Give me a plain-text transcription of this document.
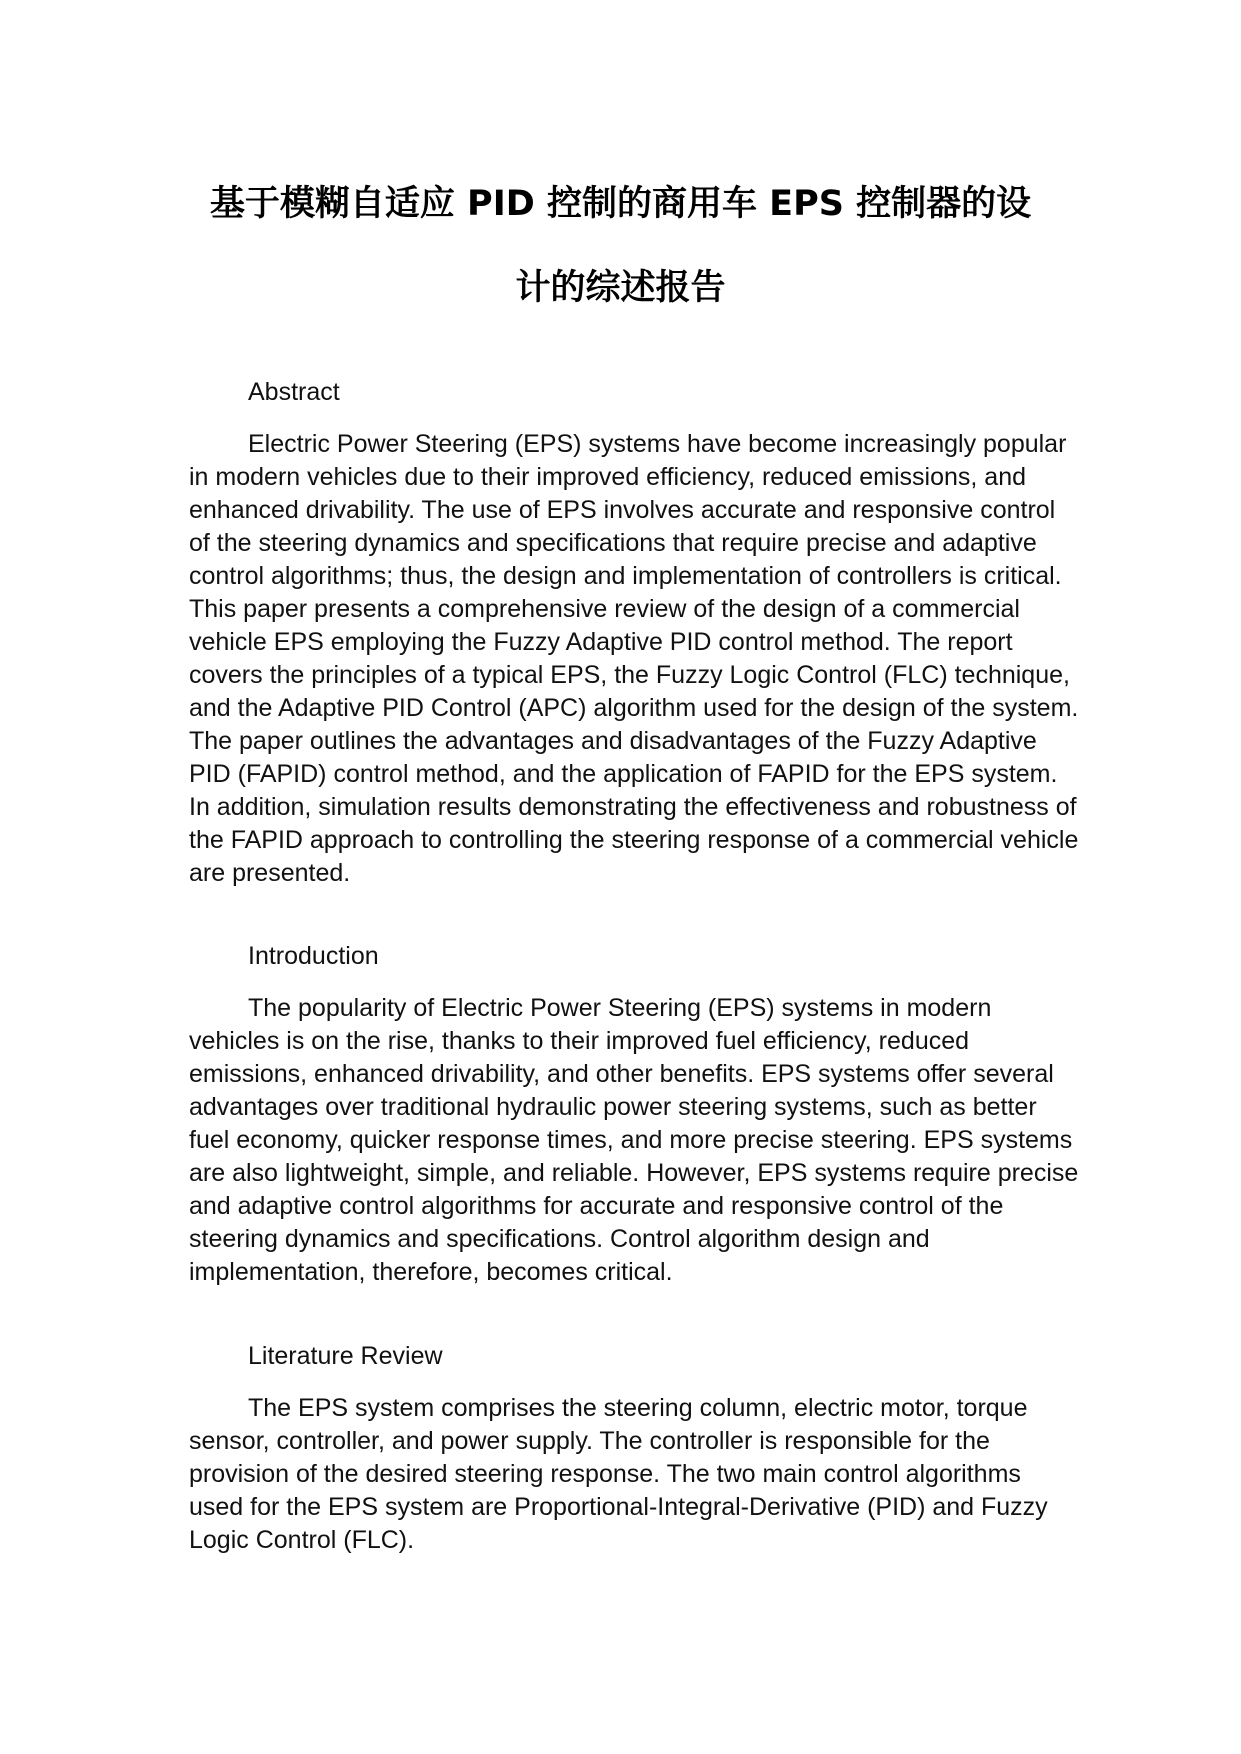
基于模糊自适应 PID 控制的商用车 EPS 控制器的设
计的综述报告
Abstract

Electric Power Steering (EPS) systems have become increasingly popular in modern vehicles due to their improved efficiency, reduced emissions, and enhanced drivability. The use of EPS involves accurate and responsive control of the steering dynamics and specifications that require precise and adaptive control algorithms; thus, the design and implementation of controllers is critical. This paper presents a comprehensive review of the design of a commercial vehicle EPS employing the Fuzzy Adaptive PID control method. The report covers the principles of a typical EPS, the Fuzzy Logic Control (FLC) technique, and the Adaptive PID Control (APC) algorithm used for the design of the system. The paper outlines the advantages and disadvantages of the Fuzzy Adaptive PID (FAPID) control method, and the application of FAPID for the EPS system. In addition, simulation results demonstrating the effectiveness and robustness of the FAPID approach to controlling the steering response of a commercial vehicle are presented.

Introduction

The popularity of Electric Power Steering (EPS) systems in modern vehicles is on the rise, thanks to their improved fuel efficiency, reduced emissions, enhanced drivability, and other benefits. EPS systems offer several advantages over traditional hydraulic power steering systems, such as better fuel economy, quicker response times, and more precise steering. EPS systems are also lightweight, simple, and reliable. However, EPS systems require precise and adaptive control algorithms for accurate and responsive control of the steering dynamics and specifications. Control algorithm design and implementation, therefore, becomes critical.

Literature Review

The EPS system comprises the steering column, electric motor, torque sensor, controller, and power supply. The controller is responsible for the provision of the desired steering response. The two main control algorithms used for the EPS system are Proportional-Integral-Derivative (PID) and Fuzzy Logic Control (FLC).
